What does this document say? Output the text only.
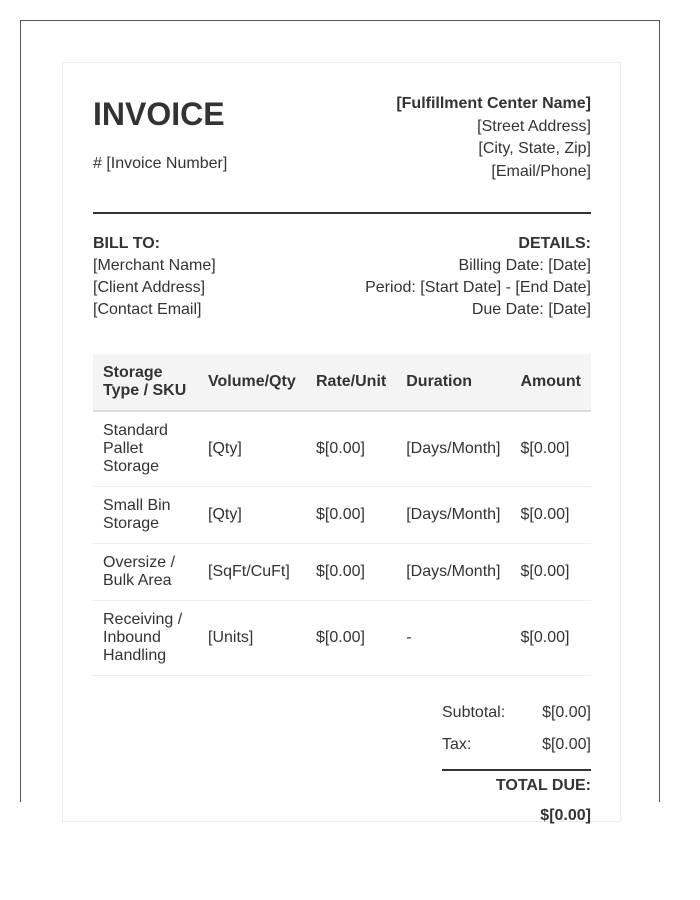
INVOICE
# [Invoice Number]
[Fulfillment Center Name]
[Street Address]
[City, State, Zip]
[Email/Phone]
BILL TO:
[Merchant Name]
[Client Address]
[Contact Email]
DETAILS:
Billing Date: [Date]
Period: [Start Date] - [End Date]
Due Date: [Date]
Storage Type / SKU	Volume/Qty	Rate/Unit	Duration	Amount
Standard Pallet Storage	[Qty]	$[0.00]	[Days/Month]	$[0.00]
Small Bin Storage	[Qty]	$[0.00]	[Days/Month]	$[0.00]
Oversize / Bulk Area	[SqFt/CuFt]	$[0.00]	[Days/Month]	$[0.00]
Receiving / Inbound Handling	[Units]	$[0.00]	-	$[0.00]
Subtotal: $[0.00]
Tax:	$[0.00]
TOTAL DUE: $[0.00]
